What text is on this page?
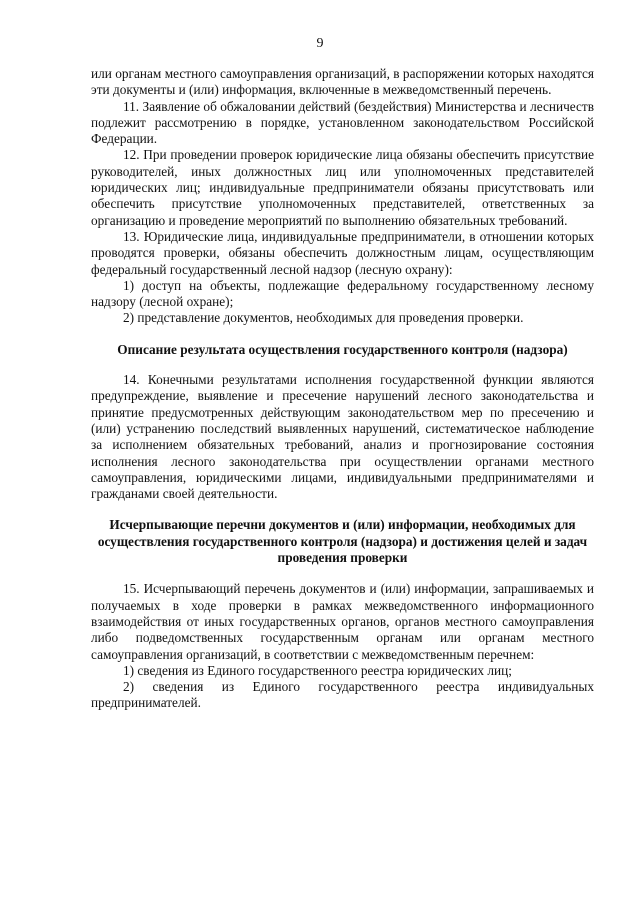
9

или органам местного самоуправления организаций, в распоряжении которых находятся эти документы и (или) информация, включенные в межведомственный перечень.

11. Заявление об обжаловании действий (бездействия) Министерства и лесничеств подлежит рассмотрению в порядке, установленном законодательством Российской Федерации.

12. При проведении проверок юридические лица обязаны обеспечить присутствие руководителей, иных должностных лиц или уполномоченных представителей юридических лиц; индивидуальные предприниматели обязаны присутствовать или обеспечить присутствие уполномоченных представителей, ответственных за организацию и проведение мероприятий по выполнению обязательных требований.

13. Юридические лица, индивидуальные предприниматели, в отношении которых проводятся проверки, обязаны обеспечить должностным лицам, осуществляющим федеральный государственный лесной надзор (лесную охрану):

1) доступ на объекты, подлежащие федеральному государственному лесному надзору (лесной охране);

2) представление документов, необходимых для проведения проверки.

Описание результата осуществления государственного контроля (надзора)

14. Конечными результатами исполнения государственной функции являются предупреждение, выявление и пресечение нарушений лесного законодательства и принятие предусмотренных действующим законодательством мер по пресечению и (или) устранению последствий выявленных нарушений, систематическое наблюдение за исполнением обязательных требований, анализ и прогнозирование состояния исполнения лесного законодательства при осуществлении органами местного самоуправления, юридическими лицами, индивидуальными предпринимателями и гражданами своей деятельности.

Исчерпывающие перечни документов и (или) информации, необходимых для осуществления государственного контроля (надзора) и достижения целей и задач проведения проверки

15. Исчерпывающий перечень документов и (или) информации, запрашиваемых и получаемых в ходе проверки в рамках межведомственного информационного взаимодействия от иных государственных органов, органов местного самоуправления либо подведомственных государственным органам или органам местного самоуправления организаций, в соответствии с межведомственным перечнем:

1) сведения из Единого государственного реестра юридических лиц;

2) сведения из Единого государственного реестра индивидуальных предпринимателей.
